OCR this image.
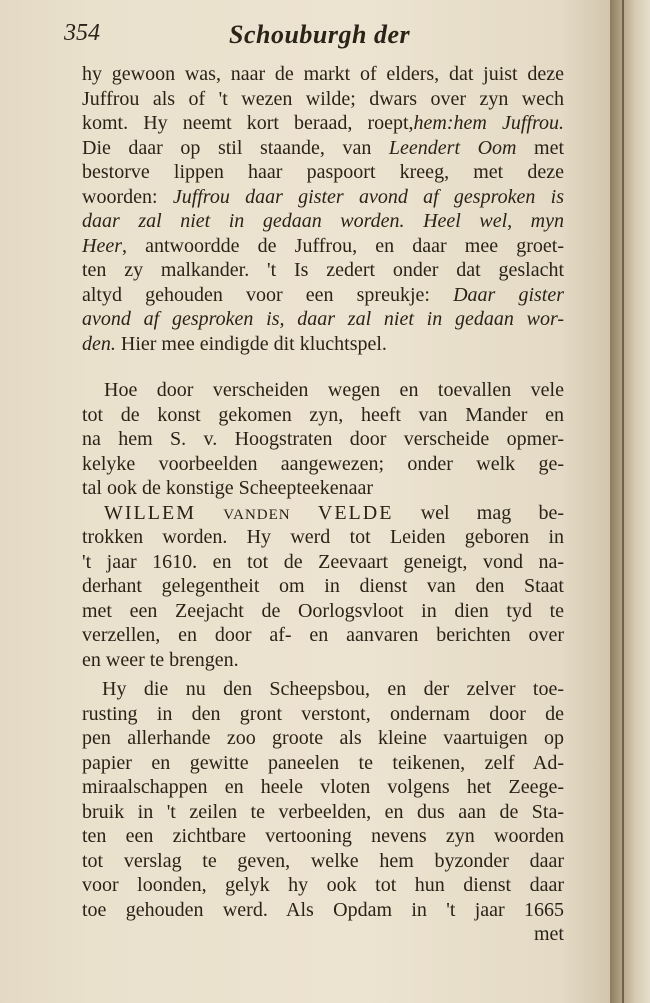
354	Schouburgh der
hy gewoon was, naar de markt of elders, dat juist deze
Juffrou als of 't wezen wilde; dwars over zyn wech
komt. Hy neemt kort beraad, roept,hem:hem Juffrou.
Die daar op stil staande, van Leendert Oom met
bestorve lippen haar paspoort kreeg, met deze
woorden: Juffrou daar gister avond af gesproken is
daar zal niet in gedaan worden. Heel wel, myn
Heer, antwoordde de Juffrou, en daar mee groet-
ten zy malkander. 't Is zedert onder dat geslacht
altyd gehouden voor een spreukje: Daar gister
avond af gesproken is, daar zal niet in gedaan wor-
den. Hier mee eindigde dit kluchtspel.
Hoe door verscheiden wegen en toevallen vele
tot de konst gekomen zyn, heeft van Mander en
na hem S. v. Hoogstraten door verscheide opmer-
kelyke voorbeelden aangewezen; onder welk ge-
tal ook de konstige Scheepteekenaar
WILLEM VANDEN VELDE wel mag be-
trokken worden. Hy werd tot Leiden geboren in
't jaar 1610. en tot de Zeevaart geneigt, vond na-
derhant gelegentheit om in dienst van den Staat
met een Zeejacht de Oorlogsvloot in dien tyd te
verzellen, en door af- en aanvaren berichten over
en weer te brengen.
Hy die nu den Scheepsbou, en der zelver toe-
rusting in den gront verstont, ondernam door de
pen allerhande zoo groote als kleine vaartuigen op
papier en gewitte paneelen te teikenen, zelf Ad-
miraalschappen en heele vloten volgens het Zeege-
bruik in 't zeilen te verbeelden, en dus aan de Sta-
ten een zichtbare vertooning nevens zyn woorden
tot verslag te geven, welke hem byzonder daar
voor loonden, gelyk hy ook tot hun dienst daar
toe gehouden werd. Als Opdam in 't jaar 1665
met
